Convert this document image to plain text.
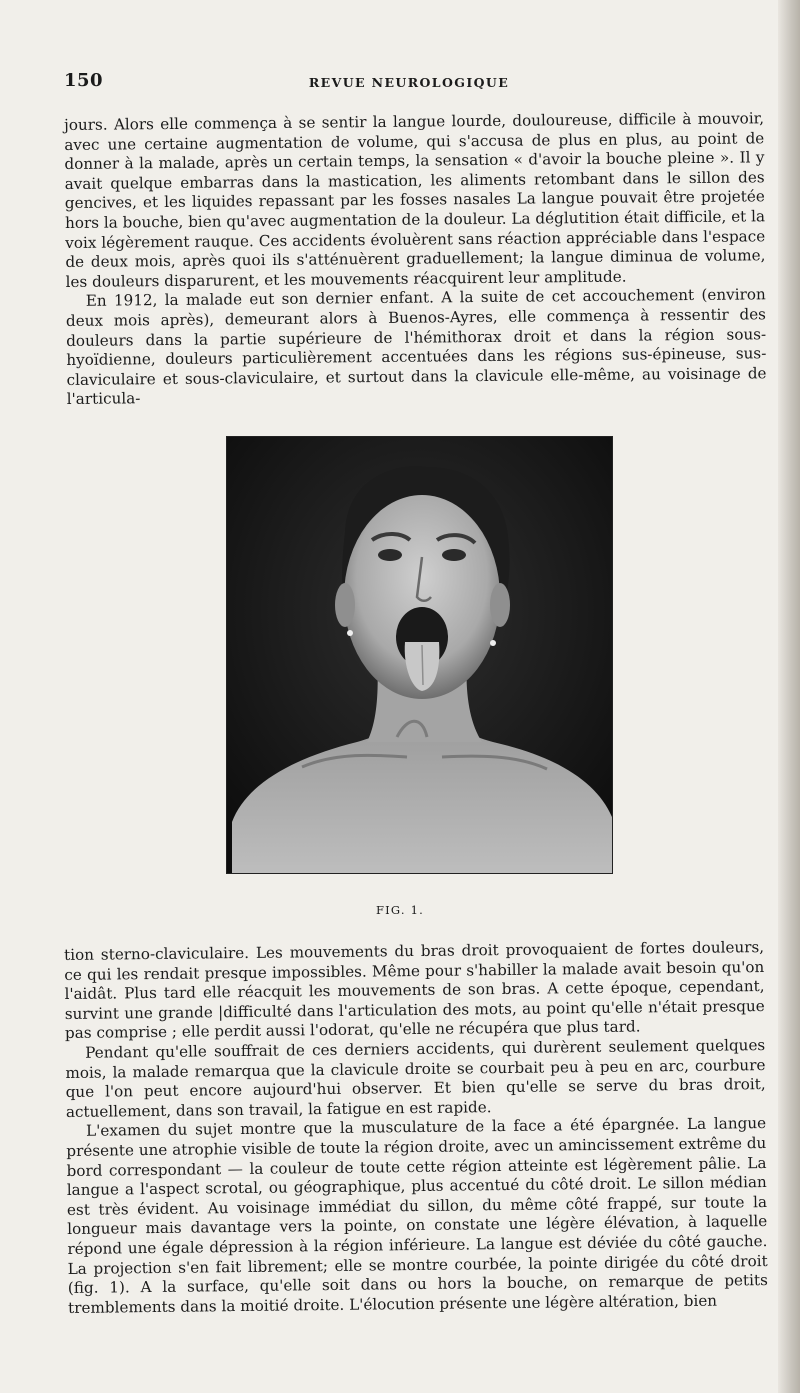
150	REVUE NEUROLOGIQUE

jours. Alors elle commença à se sentir la langue lourde, douloureuse, difficile à mouvoir, avec une certaine augmentation de volume, qui s'accusa de plus en plus, au point de donner à la malade, après un certain temps, la sensation « d'avoir la bouche pleine ». Il y avait quelque embarras dans la mastication, les aliments retombant dans le sillon des gencives, et les liquides repassant par les fosses nasales La langue pouvait être projetée hors la bouche, bien qu'avec augmentation de la douleur. La déglutition était difficile, et la voix légèrement rauque. Ces accidents évoluèrent sans réaction appréciable dans l'espace de deux mois, après quoi ils s'atténuèrent graduellement; la langue diminua de volume, les douleurs disparurent, et les mouvements réacquirent leur amplitude.

En 1912, la malade eut son dernier enfant. A la suite de cet accouchement (environ deux mois après), demeurant alors à Buenos-Ayres, elle commença à ressentir des douleurs dans la partie supérieure de l'hémithorax droit et dans la région sous-hyoïdienne, douleurs particulièrement accentuées dans les régions sus-épineuse, sus-claviculaire et sous-claviculaire, et surtout dans la clavicule elle-même, au voisinage de l'articula-

FIG. 1.

tion sterno-claviculaire. Les mouvements du bras droit provoquaient de fortes douleurs, ce qui les rendait presque impossibles. Même pour s'habiller la malade avait besoin qu'on l'aidât. Plus tard elle réacquit les mouvements de son bras. A cette époque, cependant, survint une grande |difficulté dans l'articulation des mots, au point qu'elle n'était presque pas comprise ; elle perdit aussi l'odorat, qu'elle ne récupéra que plus tard.

Pendant qu'elle souffrait de ces derniers accidents, qui durèrent seulement quelques mois, la malade remarqua que la clavicule droite se courbait peu à peu en arc, courbure que l'on peut encore aujourd'hui observer. Et bien qu'elle se serve du bras droit, actuellement, dans son travail, la fatigue en est rapide.

L'examen du sujet montre que la musculature de la face a été épargnée. La langue présente une atrophie visible de toute la région droite, avec un amincissement extrême du bord correspondant — la couleur de toute cette région atteinte est légèrement pâlie. La langue a l'aspect scrotal, ou géographique, plus accentué du côté droit. Le sillon médian est très évident. Au voisinage immédiat du sillon, du même côté frappé, sur toute la longueur mais davantage vers la pointe, on constate une légère élévation, à laquelle répond une égale dépression à la région inférieure. La langue est déviée du côté gauche. La projection s'en fait librement; elle se montre courbée, la pointe dirigée du côté droit (fig. 1). A la surface, qu'elle soit dans ou hors la bouche, on remarque de petits tremblements dans la moitié droite. L'élocution présente une légère altération, bien
